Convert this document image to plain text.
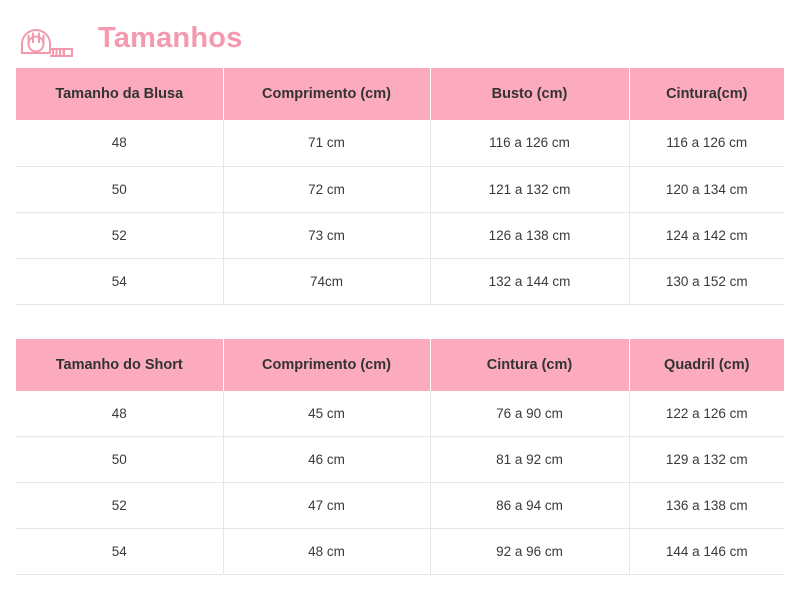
Tamanhos
Tamanho da Blusa	Comprimento (cm)	Busto (cm)	Cintura(cm)
48	71 cm	116 a 126 cm	116 a 126 cm
50	72 cm	121 a 132 cm	120 a 134 cm
52	73 cm	126 a 138 cm	124 a 142 cm
54	74cm	132 a 144 cm	130 a 152 cm
Tamanho do Short	Comprimento (cm)	Cintura (cm)	Quadril (cm)
48	45 cm	76 a 90 cm	122 a 126 cm
50	46 cm	81 a 92 cm	129 a 132 cm
52	47 cm	86 a 94 cm	136 a 138 cm
54	48 cm	92 a 96 cm	144 a 146 cm
